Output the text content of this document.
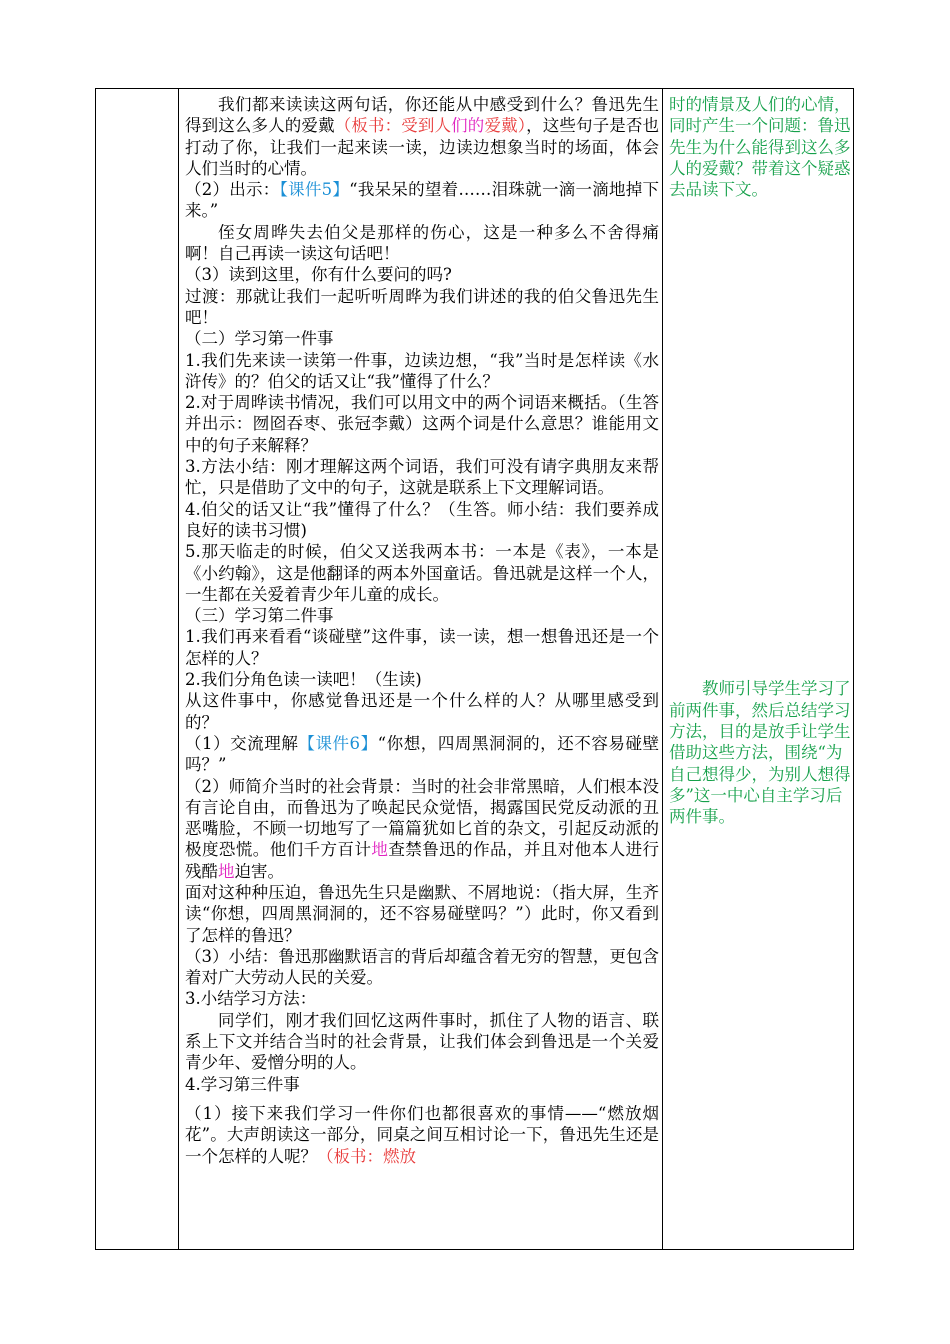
我们都来读读这两句话，你还能从中感受到什么？鲁迅先生得到这么多人的爱戴（板书：受到人们的爱戴），这些句子是否也打动了你，让我们一起来读一读，边读边想象当时的场面，体会人们当时的心情。

（2）出示：【课件5】“我呆呆的望着……泪珠就一滴一滴地掉下来。”

侄女周晔失去伯父是那样的伤心，这是一种多么不舍得痛啊！自己再读一读这句话吧！

（3）读到这里，你有什么要问的吗?

过渡：那就让我们一起听听周晔为我们讲述的我的伯父鲁迅先生吧！

（二）学习第一件事

1.我们先来读一读第一件事，边读边想，“我”当时是怎样读《水浒传》的？伯父的话又让“我”懂得了什么？

2.对于周晔读书情况，我们可以用文中的两个词语来概括。（生答并出示：囫囵吞枣、张冠李戴）这两个词是什么意思？谁能用文中的句子来解释？

3.方法小结：刚才理解这两个词语，我们可没有请字典朋友来帮忙，只是借助了文中的句子，这就是联系上下文理解词语。

4.伯父的话又让“我”懂得了什么？（生答。师小结：我们要养成良好的读书习惯)

5.那天临走的时候，伯父又送我两本书：一本是《表》，一本是《小约翰》，这是他翻译的两本外国童话。鲁迅就是这样一个人，一生都在关爱着青少年儿童的成长。

（三）学习第二件事

1.我们再来看看“谈碰壁”这件事，读一读，想一想鲁迅还是一个怎样的人？

2.我们分角色读一读吧！（生读)

从这件事中，你感觉鲁迅还是一个什么样的人？从哪里感受到的？

（1）交流理解【课件6】“你想，四周黑洞洞的，还不容易碰壁吗？”

（2）师简介当时的社会背景：当时的社会非常黑暗，人们根本没有言论自由，而鲁迅为了唤起民众觉悟，揭露国民党反动派的丑恶嘴脸，不顾一切地写了一篇篇犹如匕首的杂文，引起反动派的极度恐慌。他们千方百计地查禁鲁迅的作品，并且对他本人进行残酷地迫害。

面对这种种压迫，鲁迅先生只是幽默、不屑地说：（指大屏，生齐读“你想，四周黑洞洞的，还不容易碰壁吗？”）此时，你又看到了怎样的鲁迅？

（3）小结：鲁迅那幽默语言的背后却蕴含着无穷的智慧，更包含着对广大劳动人民的关爱。

3.小结学习方法：

同学们，刚才我们回忆这两件事时，抓住了人物的语言、联系上下文并结合当时的社会背景，让我们体会到鲁迅是一个关爱青少年、爱憎分明的人。

4.学习第三件事

（1）接下来我们学习一件你们也都很喜欢的事情——“燃放烟花”。大声朗读这一部分，同桌之间互相讨论一下，鲁迅先生还是一个怎样的人呢？（板书：燃放

时的情景及人们的心情，同时产生一个问题：鲁迅先生为什么能得到这么多人的爱戴？带着这个疑惑去品读下文。

教师引导学生学习了前两件事，然后总结学习方法，目的是放手让学生借助这些方法，围绕“为自己想得少，为别人想得多”这一中心自主学习后两件事。
